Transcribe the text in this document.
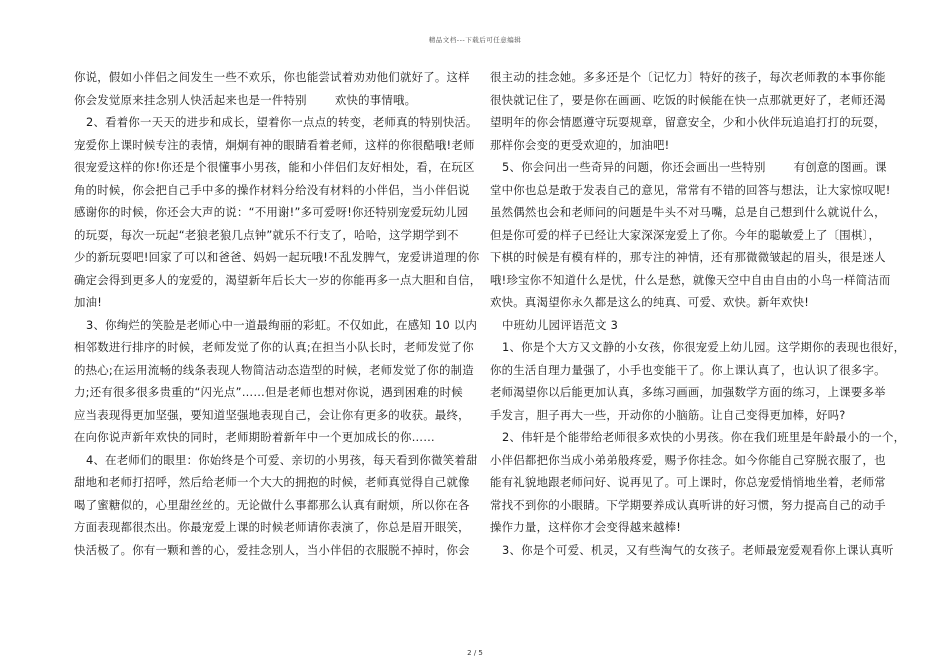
精品文档---下载后可任意编辑
你说，假如小伴侣之间发生一些不欢乐，你也能尝试着劝劝他们就好了。这样
你会发觉原来挂念别人快活起来也是一件特别 欢快的事情哦。
2、看着你一天天的进步和成长，望着你一点点的转变，老师真的特别快活。
宠爱你上课时候专注的表情，炯炯有神的眼睛看着老师，这样的你很酷哦!老师
很宠爱这样的你!你还是个很懂事小男孩，能和小伴侣们友好相处，看，在玩区
角的时候，你会把自己手中多的操作材料分给没有材料的小伴侣，当小伴侣说
感谢你的时候，你还会大声的说：“不用谢!”多可爱呀!你还特别宠爱玩幼儿园
的玩耍，每次一玩起“老狼老狼几点钟”就乐不行支了，哈哈，这学期学到不
少的新玩耍吧!回家了可以和爸爸、妈妈一起玩哦!不乱发脾气，宠爱讲道理的你
确定会得到更多人的宠爱的，渴望新年后长大一岁的你能再多一点大胆和自信，
加油!
3、你绚烂的笑脸是老师心中一道最绚丽的彩虹。不仅如此，在感知 10 以内
相邻数进行排序的时候，老师发觉了你的认真;在担当小队长时，老师发觉了你
的热心;在运用流畅的线条表现人物简洁动态造型的时候，老师发觉了你的制造
力;还有很多很多贵重的“闪光点”……但是老师也想对你说，遇到困难的时候
应当表现得更加坚强，要知道坚强地表现自己，会让你有更多的收获。最终，
在向你说声新年欢快的同时，老师期盼着新年中一个更加成长的你……
4、在老师们的眼里：你始终是个可爱、亲切的小男孩，每天看到你微笑着甜
甜地和老师打招呼，然后给老师一个大大的拥抱的时候，老师真觉得自己就像
喝了蜜糖似的，心里甜丝丝的。无论做什么事都那么认真有耐烦，所以你在各
方面表现都很杰出。你最宠爱上课的时候老师请你表演了，你总是眉开眼笑，
快活极了。你有一颗和善的心，爱挂念别人，当小伴侣的衣服脱不掉时，你会
很主动的挂念她。多多还是个〔记忆力〕特好的孩子，每次老师教的本事你能
很快就记住了，要是你在画画、吃饭的时候能在快一点那就更好了，老师还渴
望明年的你会情愿遵守玩耍规章，留意安全，少和小伙伴玩追追打打的玩耍，
那样你会变的更受欢迎的，加油吧!
5、你会问出一些奇异的问题，你还会画出一些特别 有创意的图画。课
堂中你也总是敢于发表自己的意见，常常有不错的回答与想法，让大家惊叹呢!
虽然偶然也会和老师问的问题是牛头不对马嘴，总是自己想到什么就说什么，
但是你可爱的样子已经让大家深深宠爱上了你。今年的聪敏爱上了〔围棋〕，
下棋的时候是有模有样的，那专注的神情，还有那微微皱起的眉头，很是迷人
哦!珍宝你不知道什么是忧，什么是愁，就像天空中自由自由的小鸟一样简洁而
欢快。真渴望你永久都是这么的纯真、可爱、欢快。新年欢快!
中班幼儿园评语范文 3
1、你是个大方又文静的小女孩，你很宠爱上幼儿园。这学期你的表现也很好，
你的生活自理力量强了，小手也变能干了。你上课认真了，也认识了很多字。
老师渴望你以后能更加认真，多练习画画，加强数学方面的练习，上课要多举
手发言，胆子再大一些，开动你的小脑筋。让自己变得更加棒，好吗?
2、伟轩是个能带给老师很多欢快的小男孩。你在我们班里是年龄最小的一个，
小伴侣都把你当成小弟弟般疼爱，赐予你挂念。如今你能自己穿脱衣服了，也
能有礼貌地跟老师问好、说再见了。可上课时，你总宠爱悄悄地坐着，老师常
常找不到你的小眼睛。下学期要养成认真听讲的好习惯，努力提高自己的动手
操作力量，这样你才会变得越来越棒!
3、你是个可爱、机灵，又有些淘气的女孩子。老师最宠爱观看你上课认真听
2 / 5
